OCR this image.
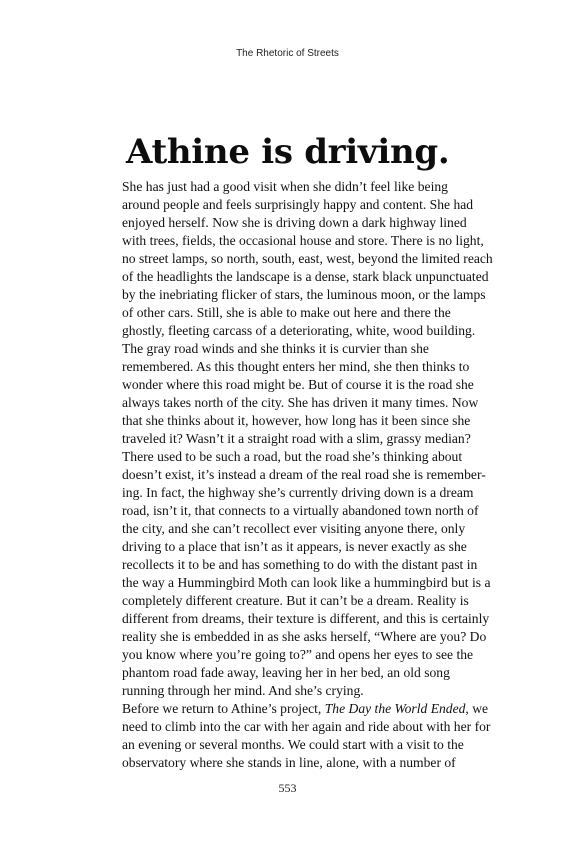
The Rhetoric of Streets
Athine is driving.

She has just had a good visit when she didn’t feel like being
around people and feels surprisingly happy and content. She had
enjoyed herself. Now she is driving down a dark highway lined
with trees, fields, the occasional house and store. There is no light,
no street lamps, so north, south, east, west, beyond the limited reach
of the headlights the landscape is a dense, stark black unpunctuated
by the inebriating flicker of stars, the luminous moon, or the lamps
of other cars. Still, she is able to make out here and there the
ghostly, fleeting carcass of a deteriorating, white, wood building.
The gray road winds and she thinks it is curvier than she
remembered. As this thought enters her mind, she then thinks to
wonder where this road might be. But of course it is the road she
always takes north of the city. She has driven it many times. Now
that she thinks about it, however, how long has it been since she
traveled it? Wasn’t it a straight road with a slim, grassy median?
There used to be such a road, but the road she’s thinking about
doesn’t exist, it’s instead a dream of the real road she is remember-
ing. In fact, the highway she’s currently driving down is a dream
road, isn’t it, that connects to a virtually abandoned town north of
the city, and she can’t recollect ever visiting anyone there, only
driving to a place that isn’t as it appears, is never exactly as she
recollects it to be and has something to do with the distant past in
the way a Hummingbird Moth can look like a hummingbird but is a
completely different creature. But it can’t be a dream. Reality is
different from dreams, their texture is different, and this is certainly
reality she is embedded in as she asks herself, “Where are you? Do
you know where you’re going to?” and opens her eyes to see the
phantom road fade away, leaving her in her bed, an old song
running through her mind. And she’s crying.

Before we return to Athine’s project, The Day the World Ended, we
need to climb into the car with her again and ride about with her for
an evening or several months. We could start with a visit to the
observatory where she stands in line, alone, with a number of

553
